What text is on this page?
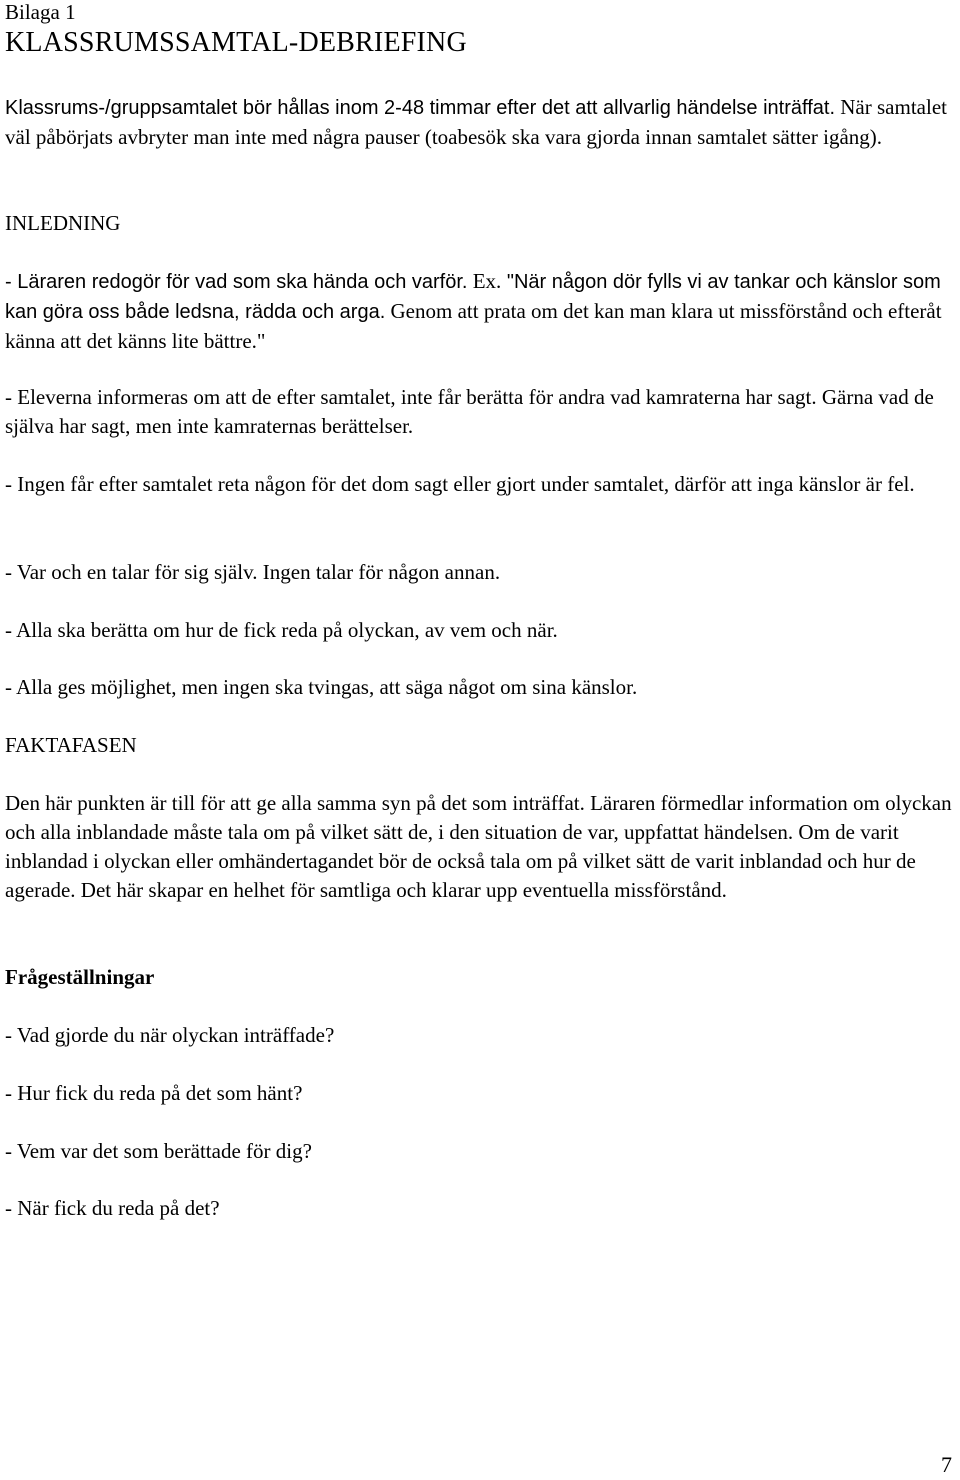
Bilaga 1

KLASSRUMSSAMTAL-DEBRIEFING

Klassrums-/gruppsamtalet bör hållas inom 2-48 timmar efter det att allvarlig händelse inträffat. När samtalet väl påbörjats avbryter man inte med några pauser (toabesök ska vara gjorda innan samtalet sätter igång).

INLEDNING

- Läraren redogör för vad som ska hända och varför. Ex. "När någon dör fylls vi av tankar och känslor som kan göra oss både ledsna, rädda och arga. Genom att prata om det kan man klara ut missförstånd och efteråt känna att det känns lite bättre."

- Eleverna informeras om att de efter samtalet, inte får berätta för andra vad kamraterna har sagt. Gärna vad de själva har sagt, men inte kamraternas berättelser.

- Ingen får efter samtalet reta någon för det dom sagt eller gjort under samtalet, därför att inga känslor är fel.

- Var och en talar för sig själv. Ingen talar för någon annan.

- Alla ska berätta om hur de fick reda på olyckan, av vem och när.

- Alla ges möjlighet, men ingen ska tvingas, att säga något om sina känslor.

FAKTAFASEN

Den här punkten är till för att ge alla samma syn på det som inträffat. Läraren förmedlar information om olyckan och alla inblandade måste tala om på vilket sätt de, i den situation de var, uppfattat händelsen. Om de varit inblandad i olyckan eller omhändertagandet bör de också tala om på vilket sätt de varit inblandad och hur de agerade. Det här skapar en helhet för samtliga och klarar upp eventuella missförstånd.

Frågeställningar

- Vad gjorde du när olyckan inträffade?

- Hur fick du reda på det som hänt?

- Vem var det som berättade för dig?

- När fick du reda på det?

7
